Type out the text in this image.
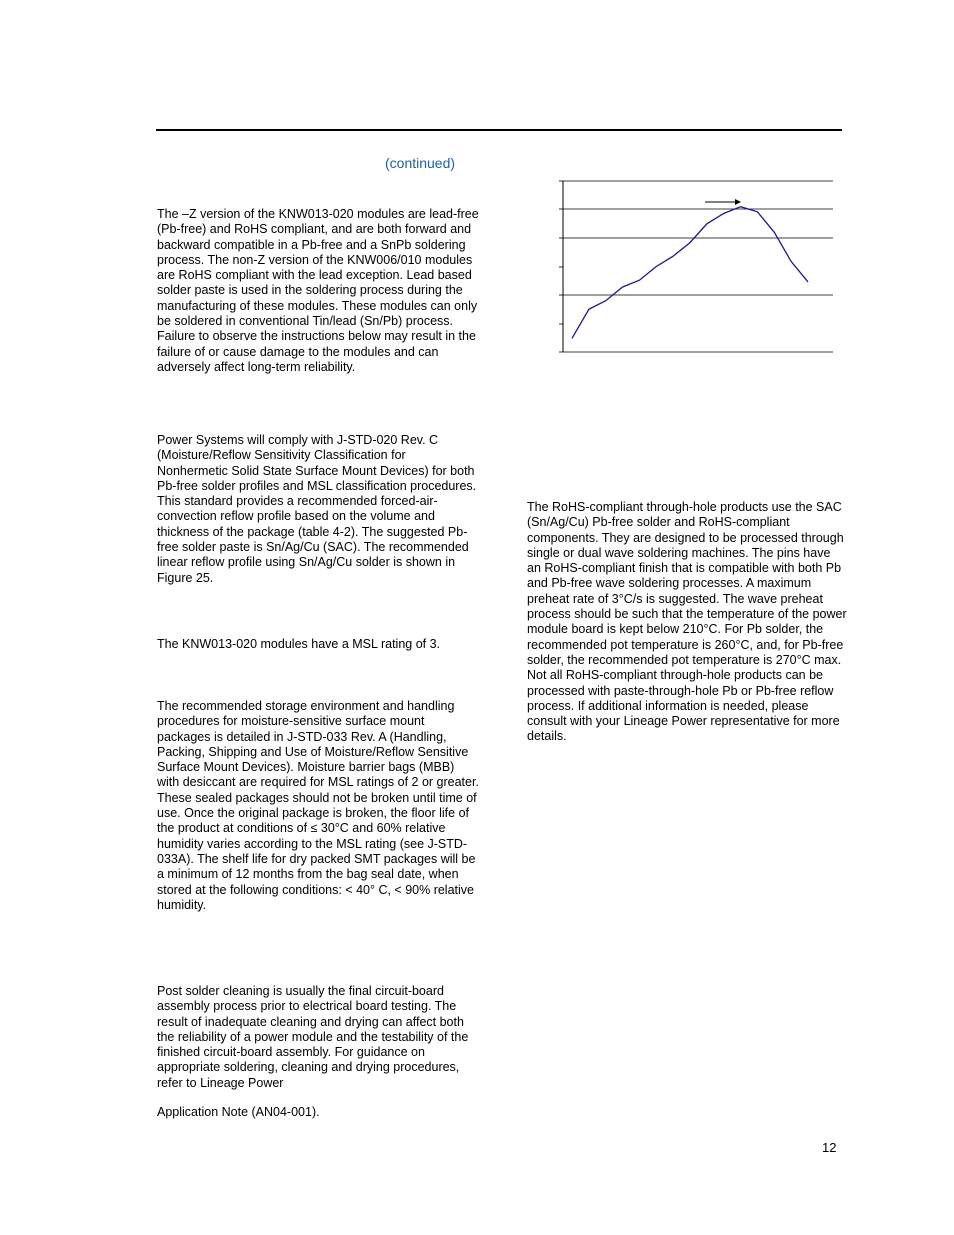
(continued)

The –Z version of the KNW013-020 modules are lead-free (Pb-free) and RoHS compliant, and are both forward and backward compatible in a Pb-free and a SnPb soldering process. The non-Z version of the KNW006/010 modules are RoHS compliant with the lead exception. Lead based solder paste is used in the soldering process during the manufacturing of these modules. These modules can only be soldered in conventional Tin/lead (Sn/Pb) process. Failure to observe the instructions below may result in the failure of or cause damage to the modules and can adversely affect long-term reliability.

Power Systems will comply with J-STD-020 Rev. C (Moisture/Reflow Sensitivity Classification for Nonhermetic Solid State Surface Mount Devices) for both Pb-free solder profiles and MSL classification procedures. This standard provides a recommended forced-air-convection reflow profile based on the volume and thickness of the package (table 4-2). The suggested Pb-free solder paste is Sn/Ag/Cu (SAC). The recommended linear reflow profile using Sn/Ag/Cu solder is shown in Figure 25.

The KNW013-020 modules have a MSL rating of 3.

The recommended storage environment and handling procedures for moisture-sensitive surface mount packages is detailed in J-STD-033 Rev. A (Handling, Packing, Shipping and Use of Moisture/Reflow Sensitive Surface Mount Devices). Moisture barrier bags (MBB) with desiccant are required for MSL ratings of 2 or greater. These sealed packages should not be broken until time of use. Once the original package is broken, the floor life of the product at conditions of ≤ 30°C and 60% relative humidity varies according to the MSL rating (see J-STD-033A). The shelf life for dry packed SMT packages will be a minimum of 12 months from the bag seal date, when stored at the following conditions: < 40° C, < 90% relative humidity.

Post solder cleaning is usually the final circuit-board assembly process prior to electrical board testing. The result of inadequate cleaning and drying can affect both the reliability of a power module and the testability of the finished circuit-board assembly. For guidance on appropriate soldering, cleaning and drying procedures, refer to Lineage Power

Application Note (AN04-001).

The RoHS-compliant through-hole products use the SAC (Sn/Ag/Cu) Pb-free solder and RoHS-compliant components. They are designed to be processed through single or dual wave soldering machines. The pins have an RoHS-compliant finish that is compatible with both Pb and Pb-free wave soldering processes. A maximum preheat rate of 3°C/s is suggested. The wave preheat process should be such that the temperature of the power module board is kept below 210°C. For Pb solder, the recommended pot temperature is 260°C, and, for Pb-free solder, the recommended pot temperature is 270°C max. Not all RoHS-compliant through-hole products can be processed with paste-through-hole Pb or Pb-free reflow process. If additional information is needed, please consult with your Lineage Power representative for more details.

12
